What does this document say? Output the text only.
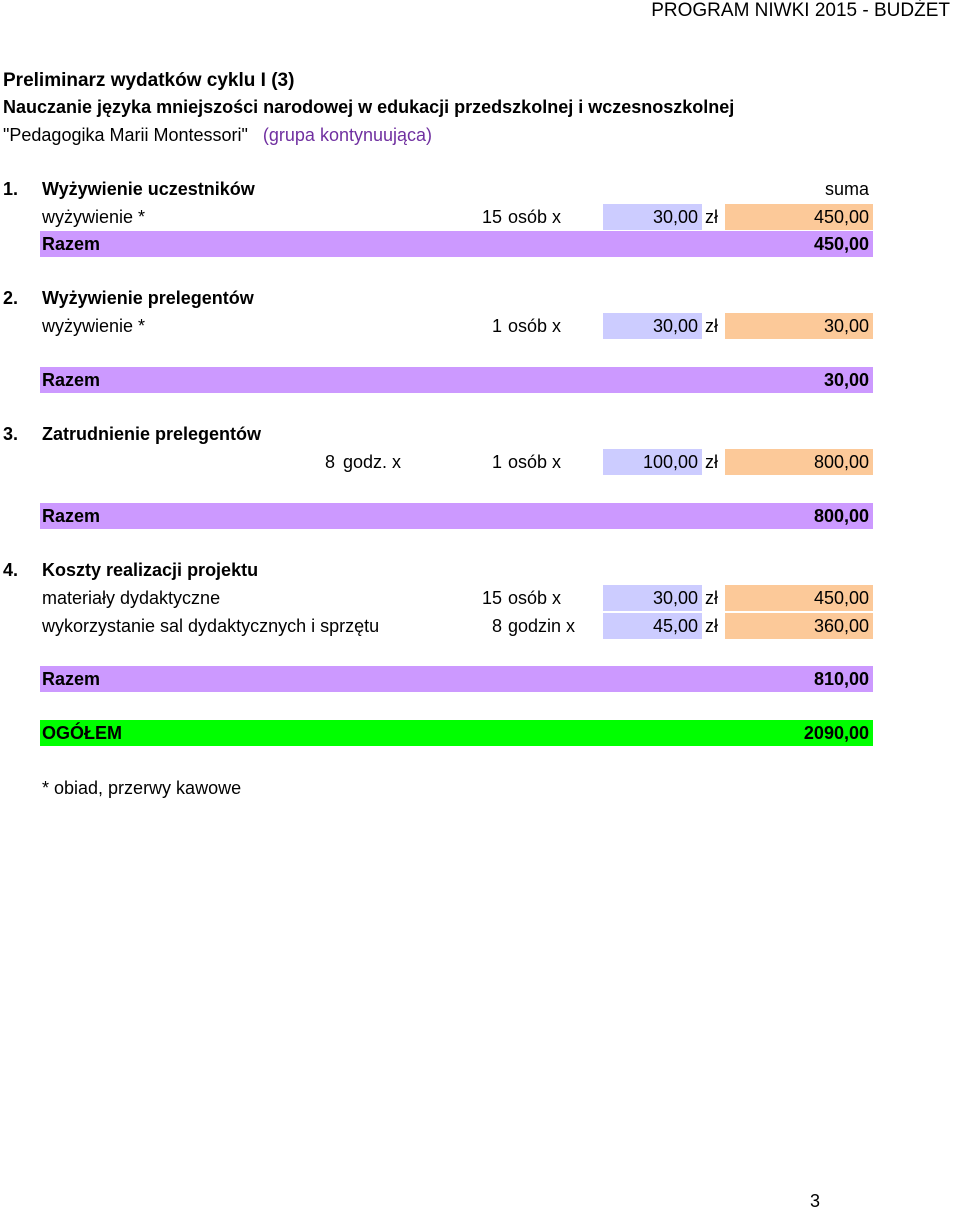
PROGRAM NIWKI 2015 - BUDŻET
Preliminarz wydatków cyklu I (3)
Nauczanie języka mniejszości narodowej w edukacji przedszkolnej i wczesnoszkolnej
"Pedagogika Marii Montessori" (grupa kontynuująca)
1. Wyżywienie uczestników	suma
wyżywienie *	15 osób x	30,00 zł	450,00
Razem	450,00
2. Wyżywienie prelegentów
wyżywienie *	1 osób x	30,00 zł	30,00
Razem	30,00
3. Zatrudnienie prelegentów
8 godz. x	1 osób x	100,00 zł	800,00
Razem	800,00
4. Koszty realizacji projektu
materiały dydaktyczne	15 osób x	30,00 zł	450,00
wykorzystanie sal dydaktycznych i sprzętu	8 godzin x	45,00 zł	360,00
Razem	810,00
OGÓŁEM	2090,00
* obiad, przerwy kawowe
3
